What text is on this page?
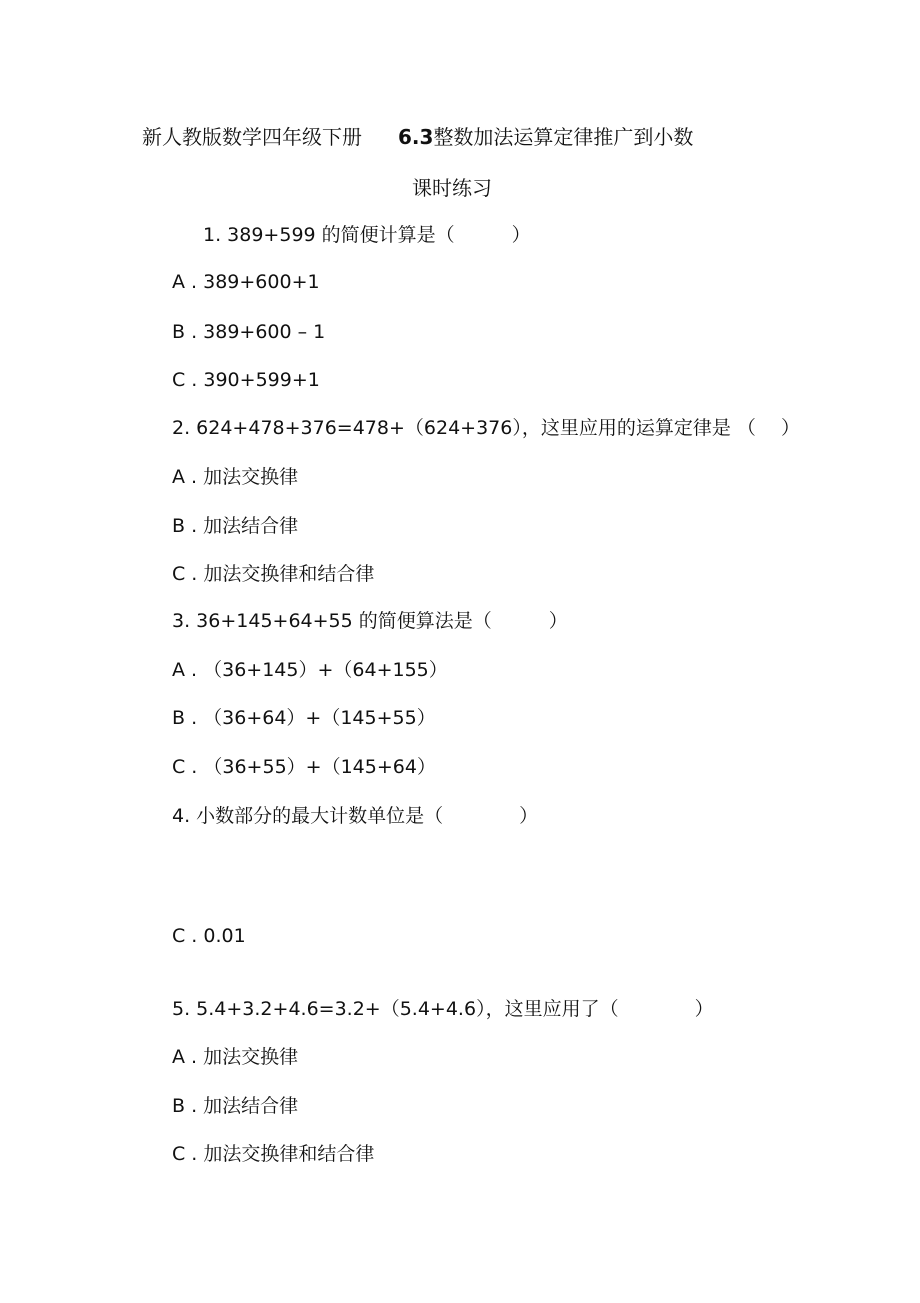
新人教版数学四年级下册 6.3整数加法运算定律推广到小数
课时练习
1. 389+599 的简便计算是（　　　）
A . 389+600+1
B . 389+600 – 1
C . 390+599+1
2. 624+478+376=478+（624+376），这里应用的运算定律是 （　 ）
A . 加法交换律
B . 加法结合律
C . 加法交换律和结合律
3. 36+145+64+55 的简便算法是（　　　）
A . （36+145）+（64+155）
B . （36+64）+（145+55）
C . （36+55）+（145+64）
4. 小数部分的最大计数单位是（　　　　）
C . 0.01
5. 5.4+3.2+4.6=3.2+（5.4+4.6），这里应用了（　　　　）
A . 加法交换律
B . 加法结合律
C . 加法交换律和结合律
